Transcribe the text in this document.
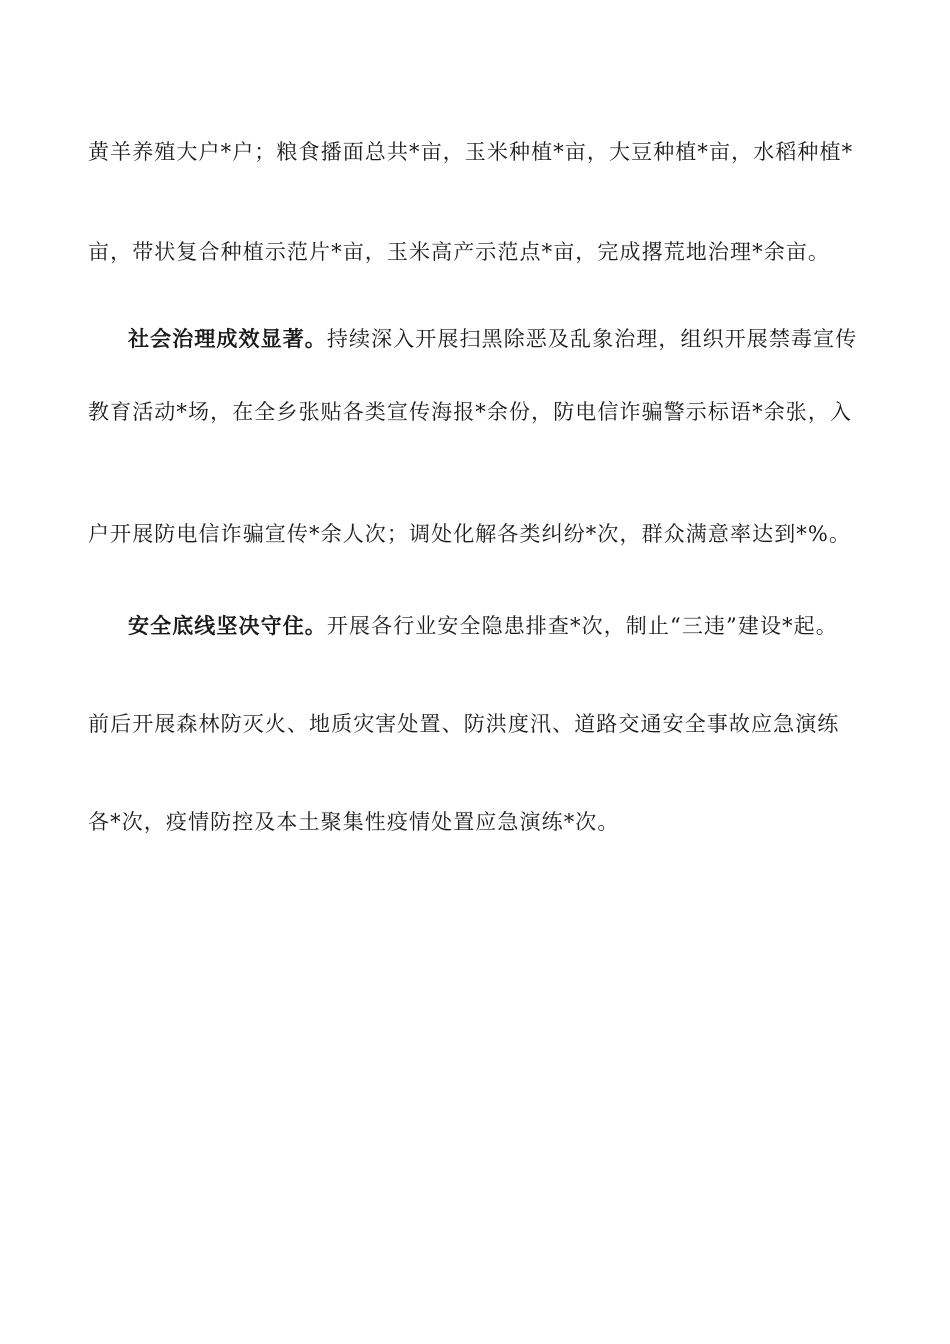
黄羊养殖大户*户；粮食播面总共*亩，玉米种植*亩，大豆种植*亩，水稻种植*
亩，带状复合种植示范片*亩，玉米高产示范点*亩，完成撂荒地治理*余亩。
社会治理成效显著。持续深入开展扫黑除恶及乱象治理，组织开展禁毒宣传
教育活动*场，在全乡张贴各类宣传海报*余份，防电信诈骗警示标语*余张，入
户开展防电信诈骗宣传*余人次；调处化解各类纠纷*次，群众满意率达到*%。
安全底线坚决守住。开展各行业安全隐患排查*次，制止“三违”建设*起。
前后开展森林防灭火、地质灾害处置、防洪度汛、道路交通安全事故应急演练
各*次，疫情防控及本土聚集性疫情处置应急演练*次。
